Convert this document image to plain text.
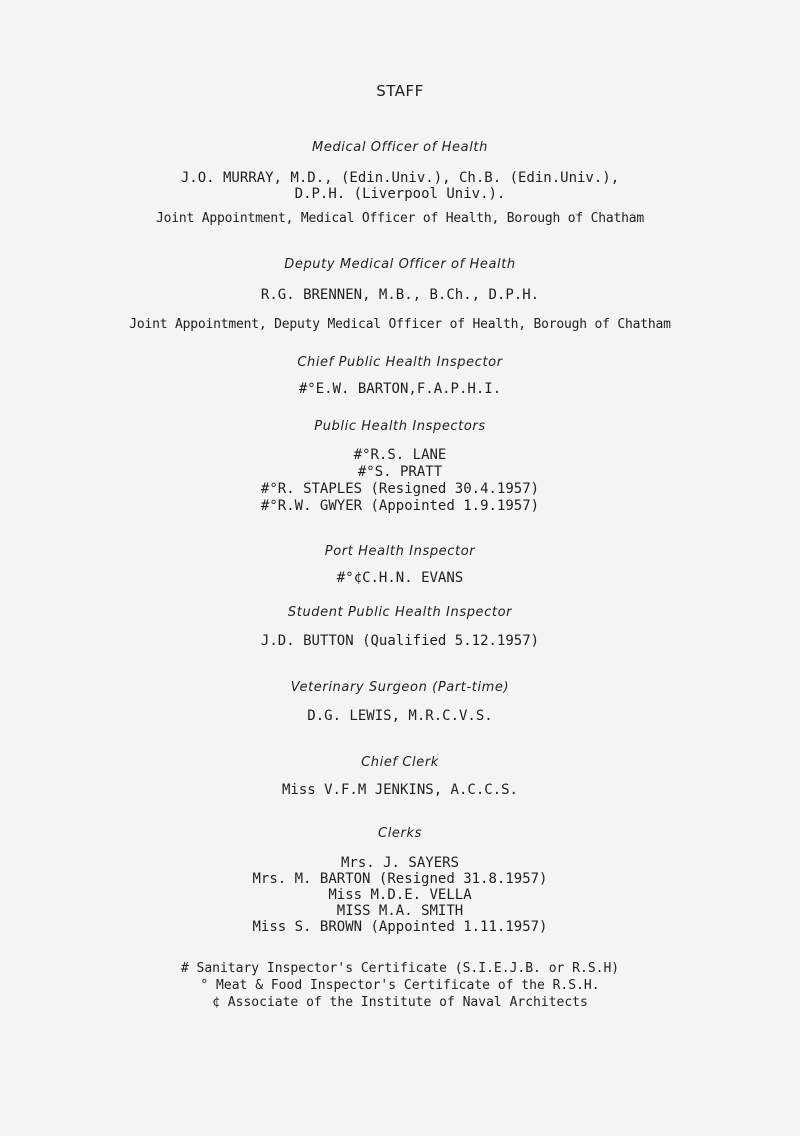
STAFF
Medical Officer of Health
J.O. MURRAY, M.D., (Edin.Univ.), Ch.B. (Edin.Univ.),
D.P.H. (Liverpool Univ.).
Joint Appointment, Medical Officer of Health, Borough of Chatham
Deputy Medical Officer of Health
R.G. BRENNEN, M.B., B.Ch., D.P.H.
Joint Appointment, Deputy Medical Officer of Health, Borough of Chatham
Chief Public Health Inspector
#°E.W. BARTON,F.A.P.H.I.
Public Health Inspectors
#°R.S. LANE
#°S. PRATT
#°R. STAPLES (Resigned 30.4.1957)
#°R.W. GWYER (Appointed 1.9.1957)
Port Health Inspector
#°¢C.H.N. EVANS
Student Public Health Inspector
J.D. BUTTON (Qualified 5.12.1957)
Veterinary Surgeon (Part-time)
D.G. LEWIS, M.R.C.V.S.
Chief Clerk
Miss V.F.M JENKINS, A.C.C.S.
Clerks
Mrs. J. SAYERS
Mrs. M. BARTON (Resigned 31.8.1957)
Miss M.D.E. VELLA
MISS M.A. SMITH
Miss S. BROWN (Appointed 1.11.1957)
# Sanitary Inspector's Certificate (S.I.E.J.B. or R.S.H)
° Meat & Food Inspector's Certificate of the R.S.H.
¢ Associate of the Institute of Naval Architects
